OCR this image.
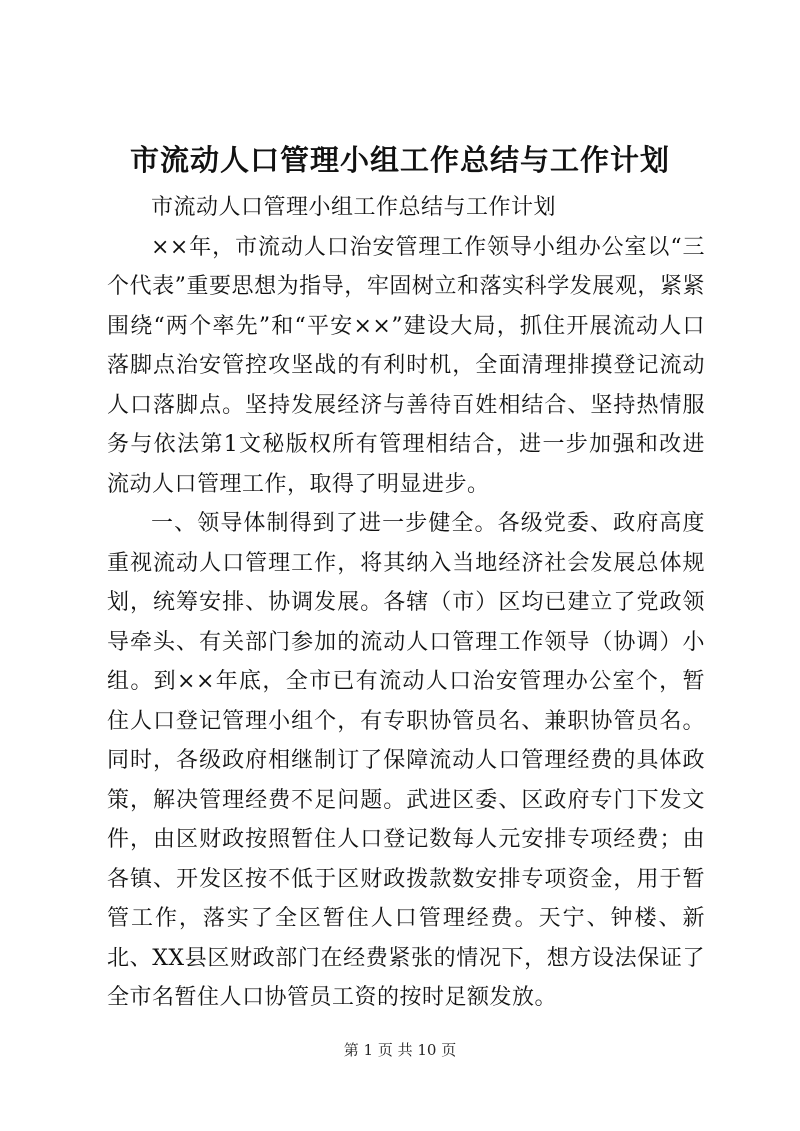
市流动人口管理小组工作总结与工作计划

市流动人口管理小组工作总结与工作计划

××年，市流动人口治安管理工作领导小组办公室以“三个代表”重要思想为指导，牢固树立和落实科学发展观，紧紧围绕“两个率先”和“平安××”建设大局，抓住开展流动人口落脚点治安管控攻坚战的有利时机，全面清理排摸登记流动人口落脚点。坚持发展经济与善待百姓相结合、坚持热情服务与依法第1文秘版权所有管理相结合，进一步加强和改进流动人口管理工作，取得了明显进步。

一、领导体制得到了进一步健全。各级党委、政府高度重视流动人口管理工作，将其纳入当地经济社会发展总体规划，统筹安排、协调发展。各辖（市）区均已建立了党政领导牵头、有关部门参加的流动人口管理工作领导（协调）小组。到××年底，全市已有流动人口治安管理办公室个，暂住人口登记管理小组个，有专职协管员名、兼职协管员名。同时，各级政府相继制订了保障流动人口管理经费的具体政策，解决管理经费不足问题。武进区委、区政府专门下发文件，由区财政按照暂住人口登记数每人元安排专项经费；由各镇、开发区按不低于区财政拨款数安排专项资金，用于暂管工作，落实了全区暂住人口管理经费。天宁、钟楼、新北、XX县区财政部门在经费紧张的情况下，想方设法保证了全市名暂住人口协管员工资的按时足额发放。

第 1 页 共 10 页
